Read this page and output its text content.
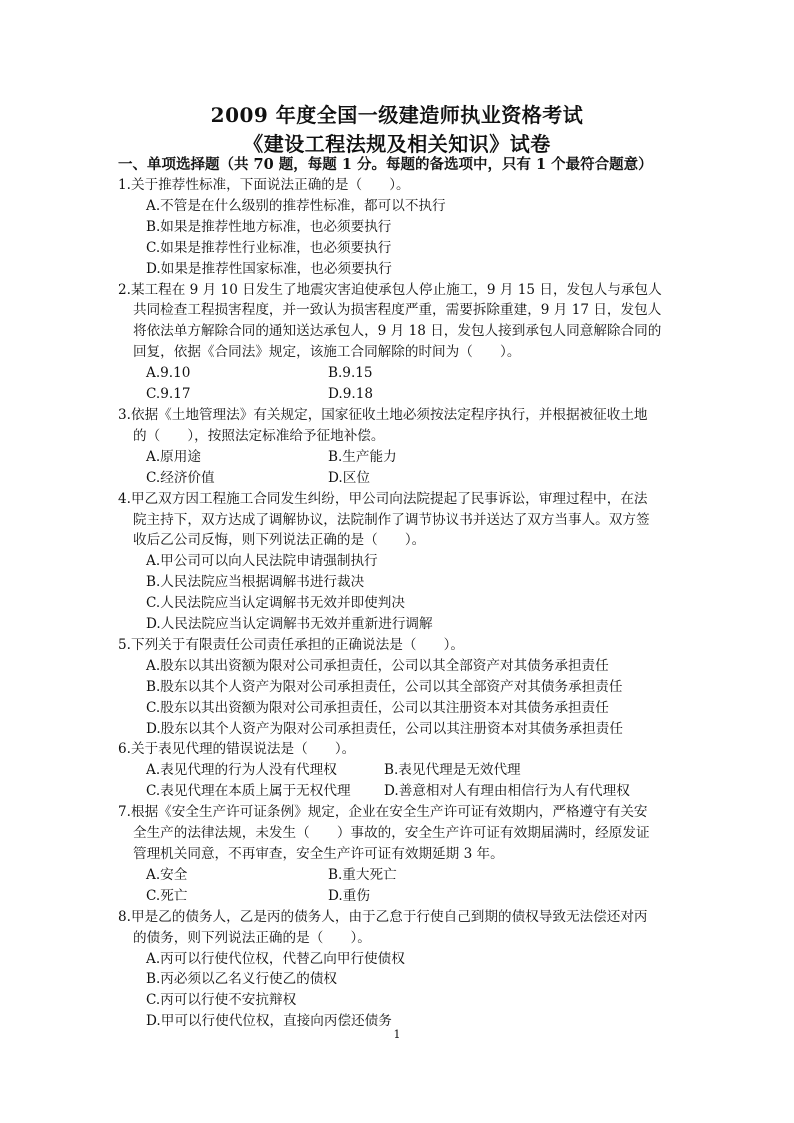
2009 年度全国一级建造师执业资格考试
《建设工程法规及相关知识》试卷
一、单项选择题（共 70 题，每题 1 分。每题的备选项中，只有 1 个最符合题意）

1.关于推荐性标准，下面说法正确的是（　　）。

A.不管是在什么级别的推荐性标准，都可以不执行

B.如果是推荐性地方标准，也必须要执行

C.如果是推荐性行业标准，也必须要执行

D.如果是推荐性国家标准，也必须要执行

2.某工程在 9 月 10 日发生了地震灾害迫使承包人停止施工，9 月 15 日，发包人与承包人

共同检查工程损害程度，并一致认为损害程度严重，需要拆除重建，9 月 17 日，发包人

将依法单方解除合同的通知送达承包人，9 月 18 日，发包人接到承包人同意解除合同的

回复，依据《合同法》规定，该施工合同解除的时间为（　　）。

A.9.10	B.9.15
C.9.17	D.9.18

3.依据《土地管理法》有关规定，国家征收土地必须按法定程序执行，并根据被征收土地

的（　　），按照法定标准给予征地补偿。

A.原用途	B.生产能力
C.经济价值	D.区位

4.甲乙双方因工程施工合同发生纠纷，甲公司向法院提起了民事诉讼，审理过程中，在法

院主持下，双方达成了调解协议，法院制作了调节协议书并送达了双方当事人。双方签

收后乙公司反悔，则下列说法正确的是（　　）。

A.甲公司可以向人民法院申请强制执行

B.人民法院应当根据调解书进行裁决

C.人民法院应当认定调解书无效并即使判决

D.人民法院应当认定调解书无效并重新进行调解

5.下列关于有限责任公司责任承担的正确说法是（　　）。

A.股东以其出资额为限对公司承担责任，公司以其全部资产对其债务承担责任

B.股东以其个人资产为限对公司承担责任，公司以其全部资产对其债务承担责任

C.股东以其出资额为限对公司承担责任，公司以其注册资本对其债务承担责任

D.股东以其个人资产为限对公司承担责任，公司以其注册资本对其债务承担责任

6.关于表见代理的错误说法是（　　）。

A.表见代理的行为人没有代理权	B.表见代理是无效代理
C.表见代理在本质上属于无权代理	D.善意相对人有理由相信行为人有代理权

7.根据《安全生产许可证条例》规定，企业在安全生产许可证有效期内，严格遵守有关安

全生产的法律法规，未发生（　　）事故的，安全生产许可证有效期届满时，经原发证

管理机关同意，不再审查，安全生产许可证有效期延期 3 年。

A.安全	B.重大死亡
C.死亡	D.重伤

8.甲是乙的债务人，乙是丙的债务人，由于乙怠于行使自己到期的债权导致无法偿还对丙

的债务，则下列说法正确的是（　　）。

A.丙可以行使代位权，代替乙向甲行使债权

B.丙必须以乙名义行使乙的债权

C.丙可以行使不安抗辩权

D.甲可以行使代位权，直接向丙偿还债务

1
